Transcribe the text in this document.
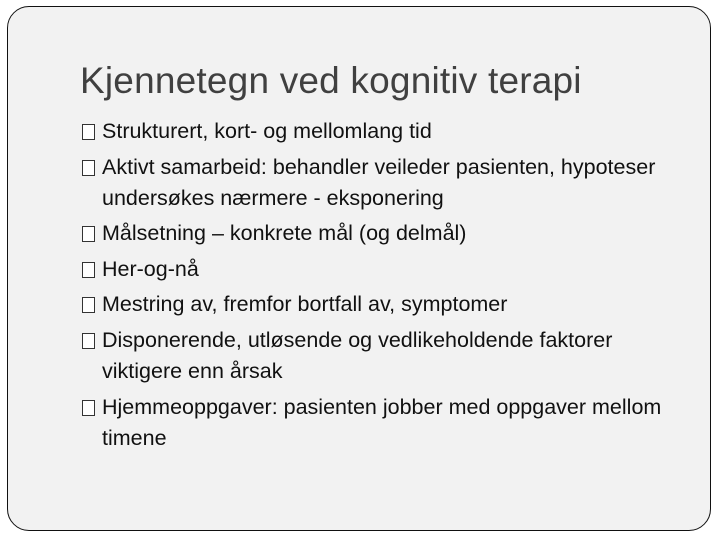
Kjennetegn ved kognitiv terapi
Strukturert, kort- og mellomlang tid
Aktivt samarbeid: behandler veileder pasienten, hypoteser undersøkes nærmere - eksponering
Målsetning – konkrete mål (og delmål)
Her-og-nå
Mestring av, fremfor bortfall av, symptomer
Disponerende, utløsende og vedlikeholdende faktorer viktigere enn årsak
Hjemmeoppgaver: pasienten jobber med oppgaver mellom timene
